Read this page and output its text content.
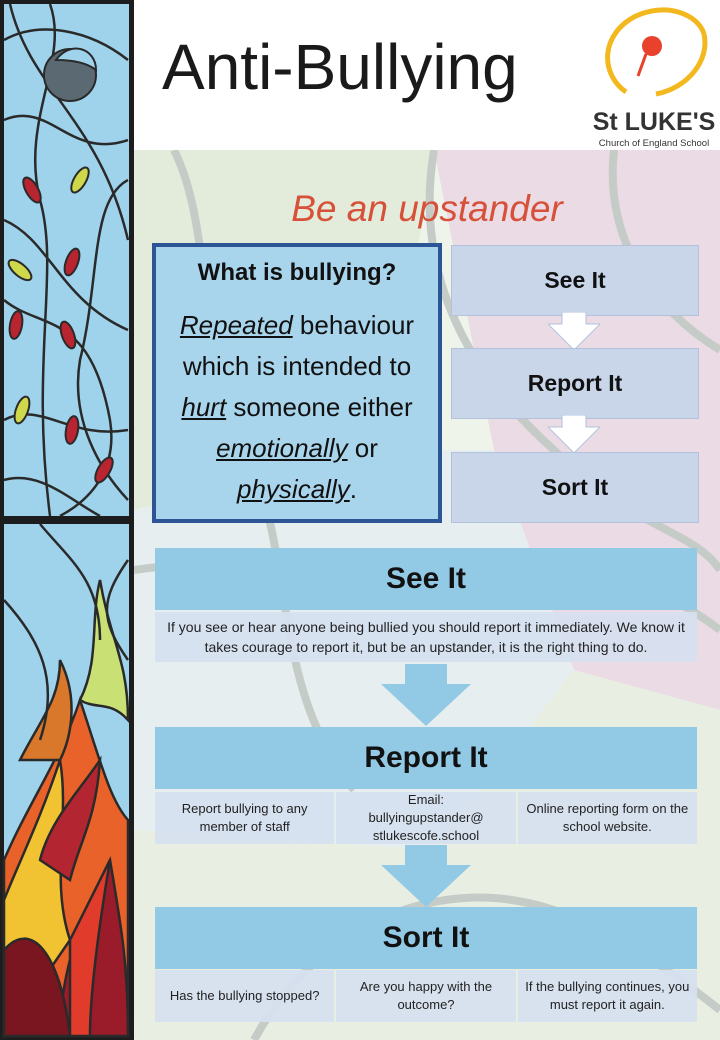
Anti-Bullying
St LUKE'S
Church of England School
Be an upstander
What is bullying?
Repeated behaviour which is intended to hurt someone either emotionally or physically.
See It
Report It
Sort It
See It
If you see or hear anyone being bullied you should report it immediately. We know it takes courage to report it, but be an upstander, it is the right thing to do.
Report It
Report bullying to any member of staff
Email:
bullyingupstander@
stlukescofe.school
Online reporting form on the school website.
Sort It
Has the bullying stopped?
Are you happy with the outcome?
If the bullying continues, you must report it again.
